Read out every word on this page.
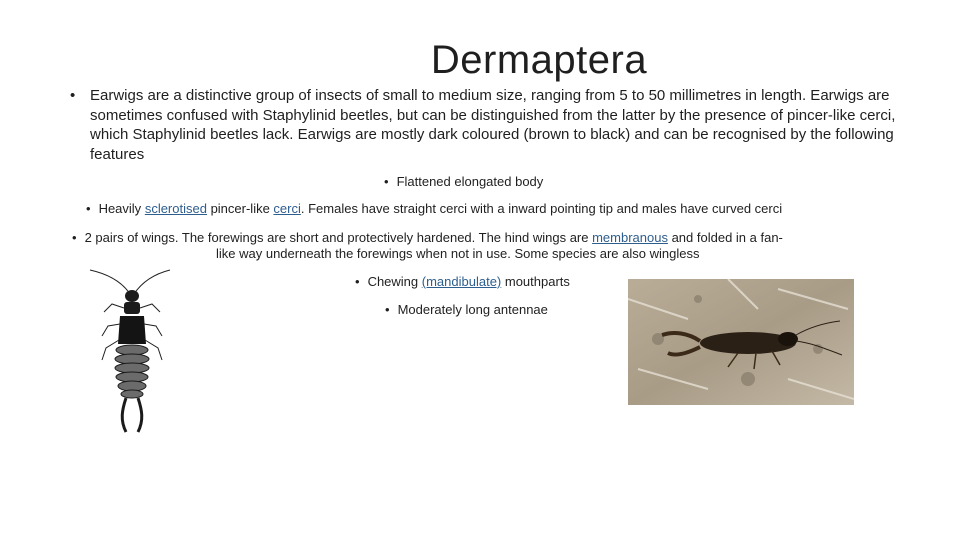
Dermaptera
• Earwigs are a distinctive group of insects of small to medium size, ranging from 5 to 50 millimetres in length. Earwigs are sometimes confused with Staphylinid beetles, but can be distinguished from the latter by the presence of pincer-like cerci, which Staphylinid beetles lack. Earwigs are mostly dark coloured (brown to black) and can be recognised by the following features
• Flattened elongated body
• Heavily sclerotised pincer-like cerci. Females have straight cerci with a inward pointing tip and males have curved cerci
• 2 pairs of wings. The forewings are short and protectively hardened. The hind wings are membranous and folded in a fan-
like way underneath the forewings when not in use. Some species are also wingless
• Chewing (mandibulate) mouthparts
• Moderately long antennae
